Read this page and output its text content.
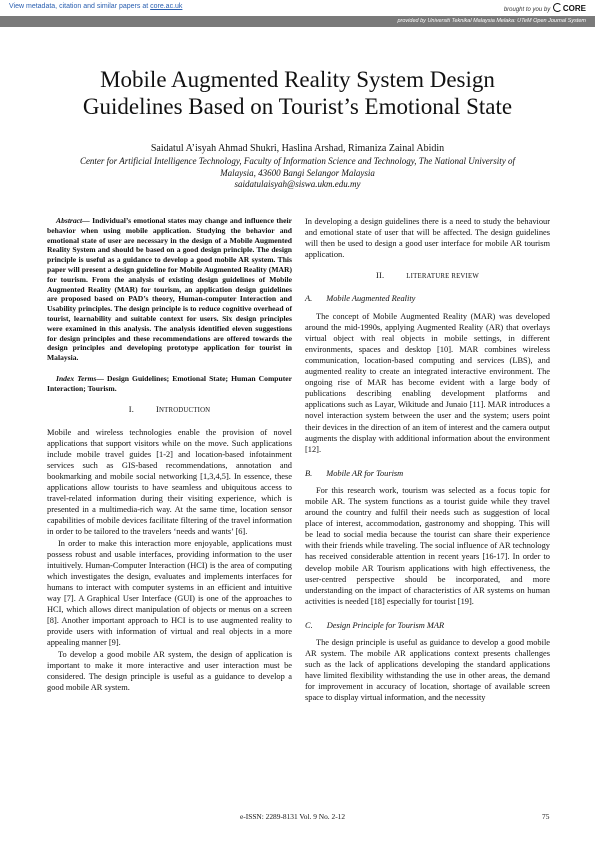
View metadata, citation and similar papers at core.ac.uk	brought to you by CORE
provided by Universiti Teknikal Malaysia Melaka: UTeM Open Journal System
Mobile Augmented Reality System Design
Guidelines Based on Tourist’s Emotional State
Saidatul A’isyah Ahmad Shukri, Haslina Arshad, Rimaniza Zainal Abidin
Center for Artificial Intelligence Technology, Faculty of Information Science and Technology, The National University of
Malaysia, 43600 Bangi Selangor Malaysia
saidatulaisyah@siswa.ukm.edu.my

Abstract— Individual’s emotional states may change and influence their behavior when using mobile application. Studying the behavior and emotional state of user are necessary in the design of a Mobile Augmented Reality System and should be based on a good design principle. The design principle is useful as a guidance to develop a good mobile AR system. This paper will present a design guideline for Mobile Augmented Reality (MAR) for tourism. From the analysis of existing design guidelines of Mobile Augmented Reality (MAR) for tourism, an application design guidelines are proposed based on PAD’s theory, Human-computer Interaction and Usability principles. The design principle is to reduce cognitive overhead of tourist, learnability and suitable context for users. Six design principles were examined in this analysis. The analysis identified eleven suggestions for design principles and these recommendations are offered towards the design principles and developing prototype application for tourist in Malaysia.

Index Terms— Design Guidelines; Emotional State; Human Computer Interaction; Tourism.

I.	INTRODUCTION

Mobile and wireless technologies enable the provision of novel applications that support visitors while on the move. Such applications include mobile travel guides [1-2] and location-based infotainment services such as GIS-based recommendations, annotation and bookmarking and mobile social networking [1,3,4,5]. In essence, these applications allow tourists to have seamless and ubiquitous access to travel-related information during their visiting experience, which is presented in a multimedia-rich way. At the same time, location sensor capabilities of mobile devices facilitate filtering of the travel information in order to be tailored to the travelers ‘needs and wants’ [6].

In order to make this interaction more enjoyable, applications must possess robust and usable interfaces, providing information to the user intuitively. Human-Computer Interaction (HCI) is the area of computing which investigates the design, evaluates and implements interfaces for humans to interact with computer systems in an efficient and intuitive way [7]. A Graphical User Interface (GUI) is one of the approaches to HCI, which allows direct manipulation of objects or menus on a screen [8]. Another important approach to HCI is to use augmented reality to provide users with information of virtual and real objects in a more appealing manner [9].

To develop a good mobile AR system, the design of application is important to make it more interactive and user interaction must be considered. The design principle is useful as a guidance to develop a good mobile AR system.

In developing a design guidelines there is a need to study the behaviour and emotional state of user that will be affected. The design guidelines will then be used to design a good user interface for mobile AR tourism application.

II.	LITERATURE REVIEW

A. Mobile Augmented Reality

The concept of Mobile Augmented Reality (MAR) was developed around the mid-1990s, applying Augmented Reality (AR) that overlays virtual object with real objects in mobile settings, in different environments, spaces and desktop [10]. MAR combines wireless communication, location-based computing and services (LBS), and augmented reality to create an integrated interactive environment. The ongoing rise of MAR has become evident with a large body of publications describing enabling development platforms and applications such as Layar, Wikitude and Junaio [11]. MAR introduces a novel interaction system between the user and the system; users point their devices in the direction of an item of interest and the camera output augments the display with additional information about the environment [12].

B. Mobile AR for Tourism

For this research work, tourism was selected as a focus topic for mobile AR. The system functions as a tourist guide while they travel around the country and fulfil their needs such as suggestion of local place of interest, accommodation, gastronomy and shopping. This will be lead to social media because the tourist can share their experience with their friends while traveling. The social influence of AR technology has received considerable attention in recent years [16-17]. In order to develop mobile AR Tourism applications with high effectiveness, the user-centred perspective should be incorporated, and more understanding on the impact of characteristics of AR systems on human activities is needed [18] especially for tourist [19].

C. Design Principle for Tourism MAR

The design principle is useful as guidance to develop a good mobile AR system. The mobile AR applications context presents challenges such as the lack of applications developing the standard applications have limited flexibility withstanding the use in other areas, the demand for improvement in accuracy of location, shortage of available screen space to display virtual information, and the necessity

e-ISSN: 2289-8131 Vol. 9 No. 2-12	75
